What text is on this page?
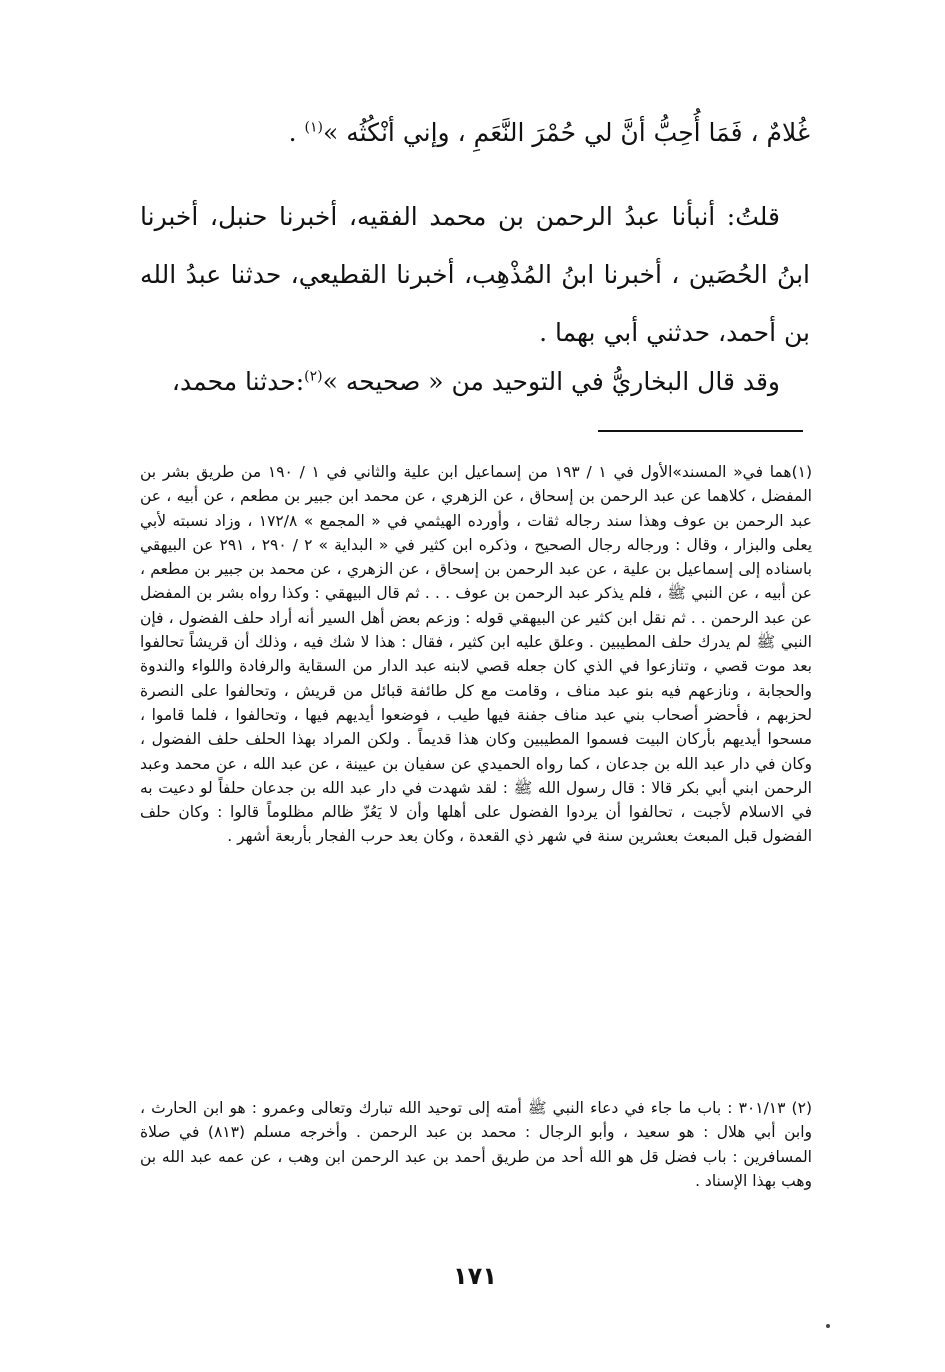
غُلامٌ ، فَمَا أُحِبُّ أنَّ لي حُمْرَ النَّعَمِ ، وإني أنْكُثُه »$^{(١)}$ .

قلتُ: أنبأنا عبدُ الرحمن بن محمد الفقيه، أخبرنا حنبل، أخبرنا ابنُ الحُصَين ، أخبرنا ابنُ المُذْهِب، أخبرنا القطيعي، حدثنا عبدُ الله بن أحمد، حدثني أبي بهما .

وقد قال البخاريُّ في التوحيد من « صحيحه »$^{(٢)}$:حدثنا محمد،

(١)هما في« المسند»الأول في ١ / ١٩٣ من إسماعيل ابن علية والثاني في ١ / ١٩٠ من طريق بشر بن المفضل ، كلاهما عن عبد الرحمن بن إسحاق ، عن الزهري ، عن محمد ابن جبير بن مطعم ، عن أبيه ، عن عبد الرحمن بن عوف وهذا سند رجاله ثقات ، وأورده الهيثمي في « المجمع » ١٧٢/٨ ، وزاد نسبته لأبي يعلى والبزار ، وقال : ورجاله رجال الصحيح ، وذكره ابن كثير في « البداية » ٢ / ٢٩٠ ، ٢٩١ عن البيهقي باسناده إلى إسماعيل بن علية ، عن عبد الرحمن بن إسحاق ، عن الزهري ، عن محمد بن جبير بن مطعم ، عن أبيه ، عن النبي ﷺ ، فلم يذكر عبد الرحمن بن عوف . . . ثم قال البيهقي : وكذا رواه بشر بن المفضل عن عبد الرحمن . . ثم نقل ابن كثير عن البيهقي قوله : وزعم بعض أهل السير أنه أراد حلف الفضول ، فإن النبي ﷺ لم يدرك حلف المطيبين . وعلق عليه ابن كثير ، فقال : هذا لا شك فيه ، وذلك أن قريشاً تحالفوا بعد موت قصي ، وتنازعوا في الذي كان جعله قصي لابنه عبد الدار من السقاية والرفادة واللواء والندوة والحجابة ، ونازعهم فيه بنو عبد مناف ، وقامت مع كل طائفة قبائل من قريش ، وتحالفوا على النصرة لحزبهم ، فأحضر أصحاب بني عبد مناف جفنة فيها طيب ، فوضعوا أيديهم فيها ، وتحالفوا ، فلما قاموا ، مسحوا أيديهم بأركان البيت فسموا المطيبين وكان هذا قديماً . ولكن المراد بهذا الحلف حلف الفضول ، وكان في دار عبد الله بن جدعان ، كما رواه الحميدي عن سفيان بن عيينة ، عن عبد الله ، عن محمد وعبد الرحمن ابني أبي بكر قالا : قال رسول الله ﷺ : لقد شهدت في دار عبد الله بن جدعان حلفاً لو دعيت به في الاسلام لأجبت ، تحالفوا أن يردوا الفضول على أهلها وأن لا يَعُزّ ظالم مظلوماً قالوا : وكان حلف الفضول قبل المبعث بعشرين سنة في شهر ذي القعدة ، وكان بعد حرب الفجار بأربعة أشهر .

(٢) ٣٠١/١٣ : باب ما جاء في دعاء النبي ﷺ أمته إلى توحيد الله تبارك وتعالى وعمرو : هو ابن الحارث ، وابن أبي هلال : هو سعيد ، وأبو الرجال : محمد بن عبد الرحمن . وأخرجه مسلم (٨١٣) في صلاة المسافرين : باب فضل قل هو الله أحد من طريق أحمد بن عبد الرحمن ابن وهب ، عن عمه عبد الله بن وهب بهذا الإسناد .

١٧١
